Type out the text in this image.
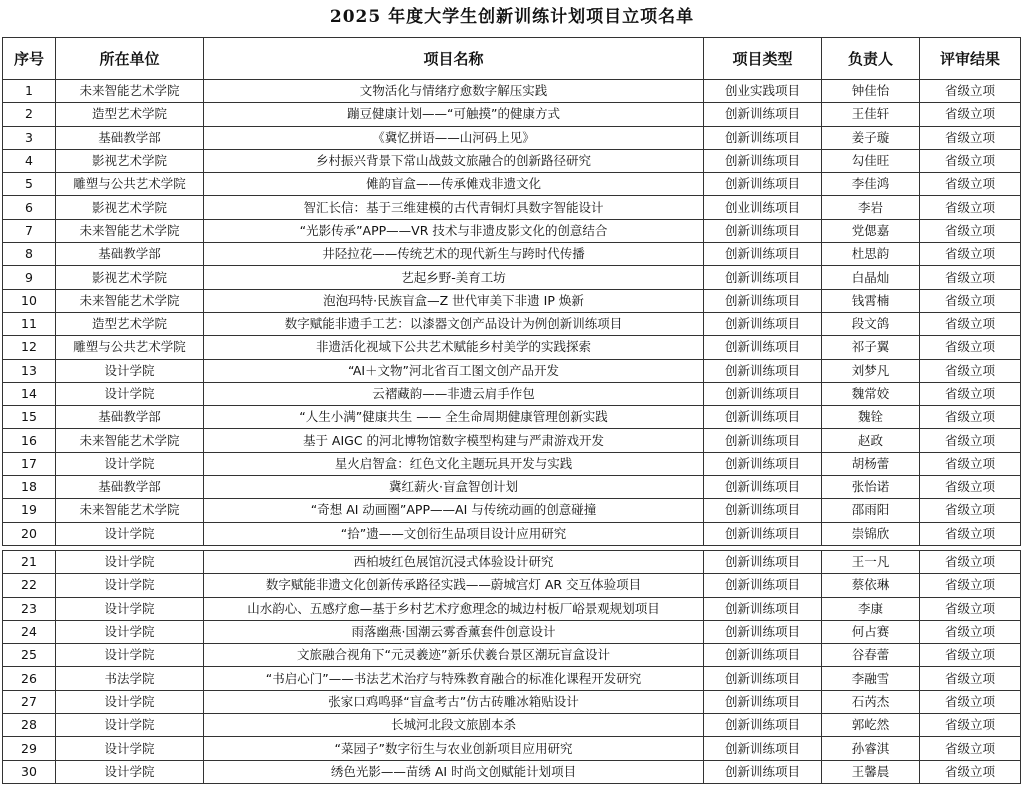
2025 年度大学生创新训练计划项目立项名单
序号	所在单位	项目名称	项目类型	负责人	评审结果
1	未来智能艺术学院	文物活化与情绪疗愈数字解压实践	创业实践项目	钟佳怡	省级立项
2	造型艺术学院	蹦豆健康计划——“可触摸”的健康方式	创新训练项目	王佳轩	省级立项
3	基础教学部	《冀忆拼语——山河码上见》	创新训练项目	姜子璇	省级立项
4	影视艺术学院	乡村振兴背景下常山战鼓文旅融合的创新路径研究	创新训练项目	勾佳旺	省级立项
5	雕塑与公共艺术学院	傩韵盲盒——传承傩戏非遗文化	创新训练项目	李佳鸿	省级立项
6	影视艺术学院	智汇长信：基于三维建模的古代青铜灯具数字智能设计	创业训练项目	李岩	省级立项
7	未来智能艺术学院	“光影传承”APP——VR 技术与非遗皮影文化的创意结合	创新训练项目	党偲嘉	省级立项
8	基础教学部	井陉拉花——传统艺术的现代新生与跨时代传播	创新训练项目	杜思韵	省级立项
9	影视艺术学院	艺起乡野-美育工坊	创新训练项目	白晶灿	省级立项
10	未来智能艺术学院	泡泡玛特·民族盲盒—Z 世代审美下非遗 IP 焕新	创新训练项目	钱霄楠	省级立项
11	造型艺术学院	数字赋能非遗手工艺：以漆器文创产品设计为例创新训练项目	创新训练项目	段文鸽	省级立项
12	雕塑与公共艺术学院	非遗活化视域下公共艺术赋能乡村美学的实践探索	创新训练项目	祁子翼	省级立项
13	设计学院	“AI＋文物”河北省百工图文创产品开发	创新训练项目	刘梦凡	省级立项
14	设计学院	云褶藏韵——非遗云肩手作包	创新训练项目	魏常姣	省级立项
15	基础教学部	“人生小满”健康共生 —— 全生命周期健康管理创新实践	创新训练项目	魏铨	省级立项
16	未来智能艺术学院	基于 AIGC 的河北博物馆数字模型构建与严肃游戏开发	创新训练项目	赵政	省级立项
17	设计学院	星火启智盒：红色文化主题玩具开发与实践	创新训练项目	胡杨蕾	省级立项
18	基础教学部	冀红薪火·盲盒智创计划	创新训练项目	张怡诺	省级立项
19	未来智能艺术学院	“奇想 AI 动画圈”APP——AI 与传统动画的创意碰撞	创新训练项目	邵雨阳	省级立项
20	设计学院	“拾”遗——文创衍生品项目设计应用研究	创新训练项目	崇锦欣	省级立项
21	设计学院	西柏坡红色展馆沉浸式体验设计研究	创新训练项目	王一凡	省级立项
22	设计学院	数字赋能非遗文化创新传承路径实践——蔚城宫灯 AR 交互体验项目	创新训练项目	蔡依琳	省级立项
23	设计学院	山水韵心、五感疗愈—基于乡村艺术疗愈理念的城边村板厂峪景观规划项目	创新训练项目	李康	省级立项
24	设计学院	雨落幽燕·国潮云雾香薰套件创意设计	创新训练项目	何占赛	省级立项
25	设计学院	文旅融合视角下“元灵羲迹”新乐伏羲台景区潮玩盲盒设计	创新训练项目	谷春蕾	省级立项
26	书法学院	“书启心门”——书法艺术治疗与特殊教育融合的标准化课程开发研究	创新训练项目	李融雪	省级立项
27	设计学院	张家口鸡鸣驿“盲盒考古”仿古砖雕冰箱贴设计	创新训练项目	石芮杰	省级立项
28	设计学院	长城河北段文旅剧本杀	创新训练项目	郭屹然	省级立项
29	设计学院	“菜园子”数字衍生与农业创新项目应用研究	创新训练项目	孙睿淇	省级立项
30	设计学院	绣色光影——苗绣 AI 时尚文创赋能计划项目	创新训练项目	王馨晨	省级立项
